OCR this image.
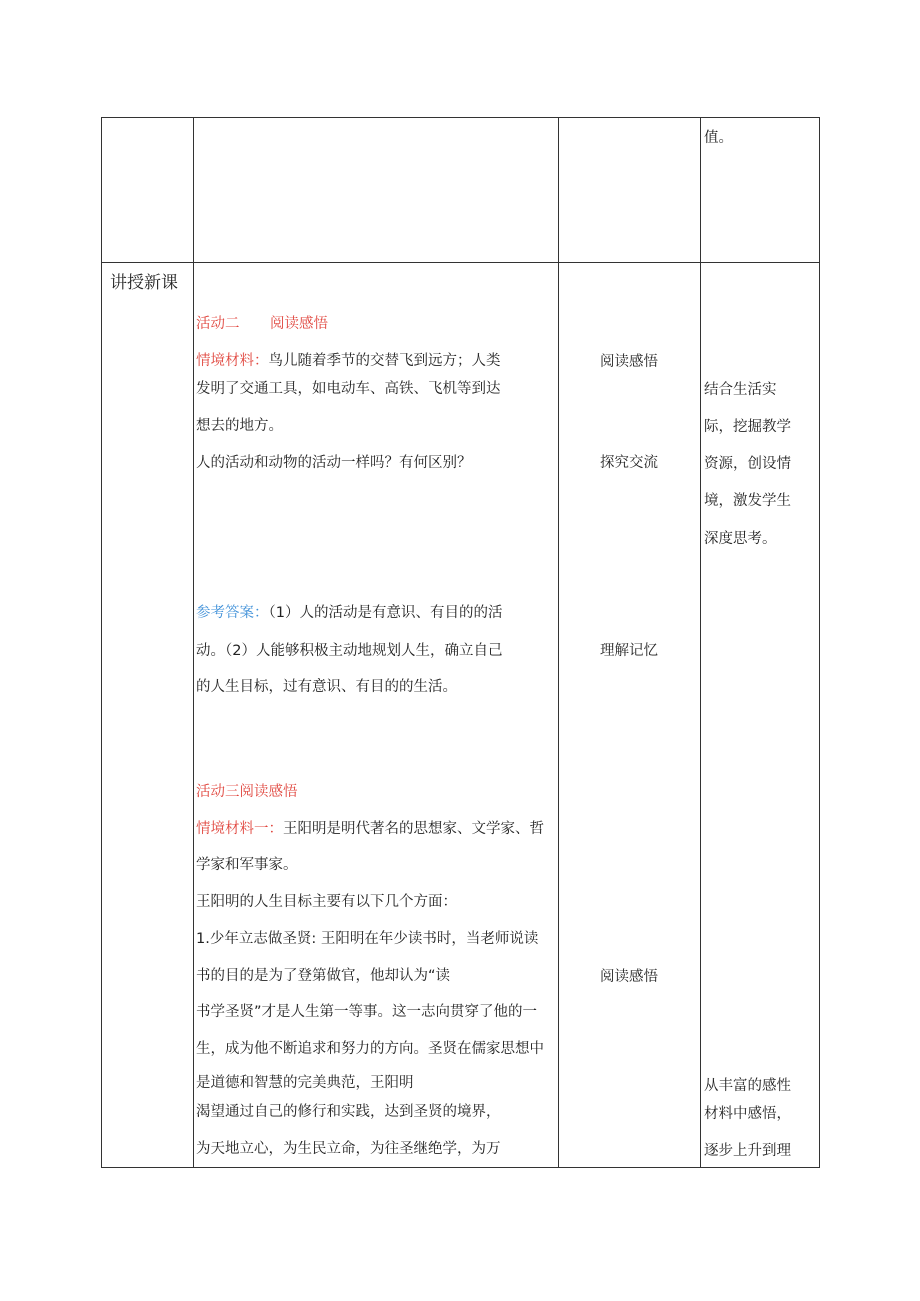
值。
讲授新课
活动二 阅读感悟
情境材料：鸟儿随着季节的交替飞到远方；人类
发明了交通工具，如电动车、高铁、飞机等到达
想去的地方。
人的活动和动物的活动一样吗？有何区别？
参考答案：（1）人的活动是有意识、有目的的活
动。（2）人能够积极主动地规划人生，确立自己
的人生目标，过有意识、有目的的生活。
活动三阅读感悟
情境材料一：王阳明是明代著名的思想家、文学家、哲
学家和军事家。
王阳明的人生目标主要有以下几个方面：
1.少年立志做圣贤: 王阳明在年少读书时，当老师说读
书的目的是为了登第做官，他却认为“读
书学圣贤”才是人生第一等事。这一志向贯穿了他的一
生，成为他不断追求和努力的方向。圣贤在儒家思想中
是道德和智慧的完美典范，王阳明
渴望通过自己的修行和实践，达到圣贤的境界，
为天地立心，为生民立命，为往圣继绝学，为万
阅读感悟
探究交流
理解记忆
阅读感悟
结合生活实
际，挖掘教学
资源，创设情
境，激发学生
深度思考。
从丰富的感性
材料中感悟，
逐步上升到理
